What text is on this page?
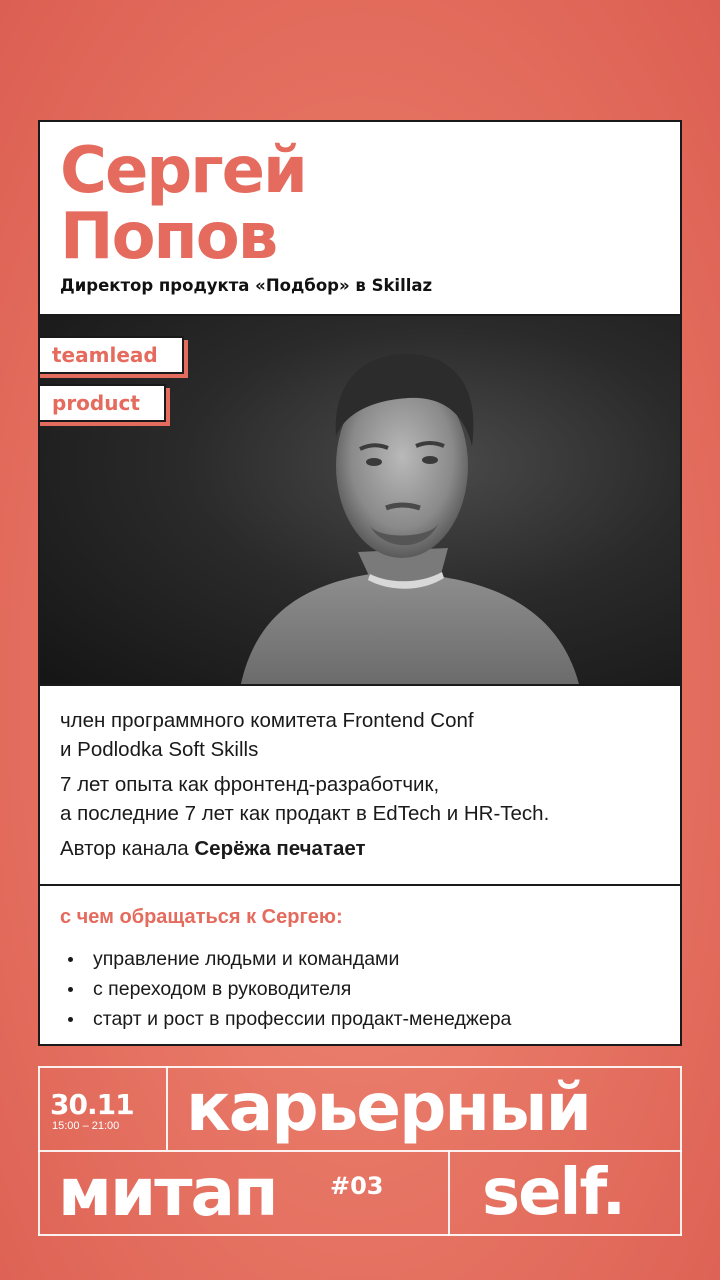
Сергей
Попов
Директор продукта «Подбор» в Skillaz
teamlead
product

член программного комитета Frontend Conf
и Podlodka Soft Skills

7 лет опыта как фронтенд-разработчик,
а последние 7 лет как продакт в EdTech и HR-Tech.

Автор канала Серёжа печатает

с чем обращаться к Сергею:
управление людьми и командами
с переходом в руководителя
старт и рост в профессии продакт-менеджера
30.11
15:00 – 21:00 карьерный
митап #03 self.
